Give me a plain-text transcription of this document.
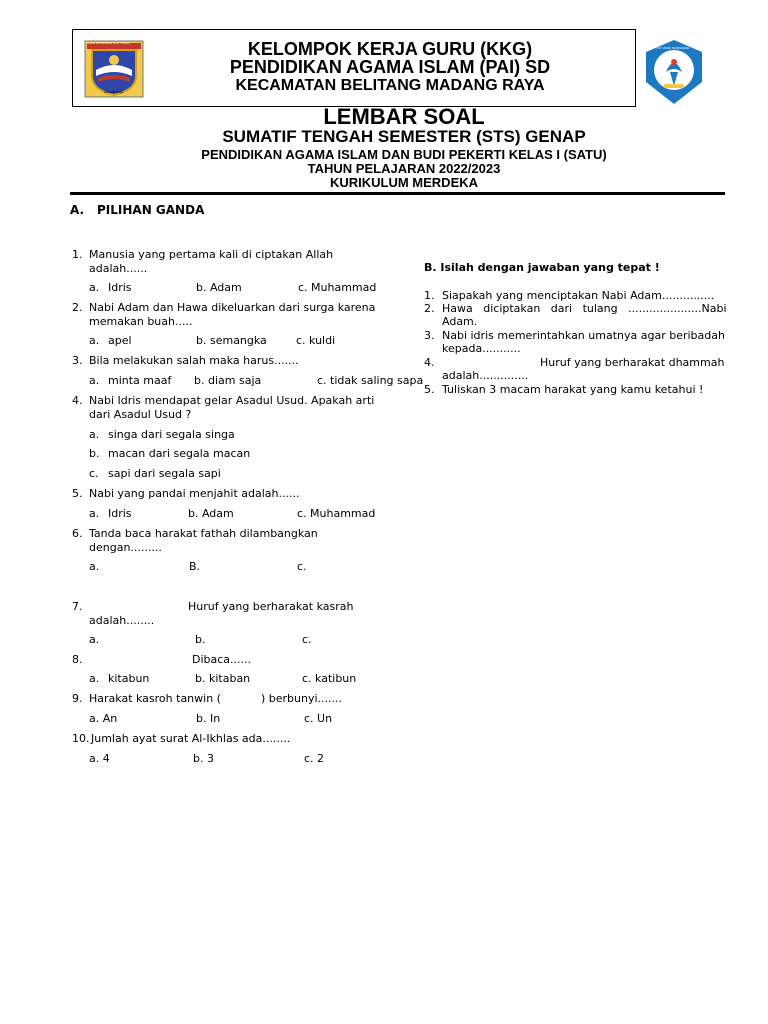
OGAN KOMERING ULU TIMUR
ORGAN BAJA
TUT WURI HANDAYANI
KELOMPOK KERJA GURU (KKG)
PENDIDIKAN AGAMA ISLAM (PAI) SD
KECAMATAN BELITANG MADANG RAYA
LEMBAR SOAL
SUMATIF TENGAH SEMESTER (STS) GENAP
PENDIDIKAN AGAMA ISLAM DAN BUDI PEKERTI KELAS I (SATU)
TAHUN PELAJARAN 2022/2023
KURIKULUM MERDEKA
A. PILIHAN GANDA
1. Manusia yang pertama kali di ciptakan Allah
adalah......
a. Idris	b. Adam	c. Muhammad
2. Nabi Adam dan Hawa dikeluarkan dari surga karena
memakan buah.....
a. apel	b. semangka	c. kuldi
3. Bila melakukan salah maka harus.......
a. minta maaf b. diam saja	c. tidak saling sapa
4. Nabi Idris mendapat gelar Asadul Usud. Apakah arti
dari Asadul Usud ?
a. singa dari segala singa
b. macan dari segala macan
c. sapi dari segala sapi
5. Nabi yang pandai menjahit adalah......
a. Idris	b. Adam	c. Muhammad
6. Tanda baca harakat fathah dilambangkan
dengan.........
a.	B.	c.
7.	Huruf yang berharakat kasrah
adalah........
a.	b.	c.
8.	Dibaca......
a. kitabun	b. kitaban	c. katibun
9. Harakat kasroh tanwin (	) berbunyi.......
a. An	b. In	c. Un
10. Jumlah ayat surat Al-Ikhlas ada........
a. 4	b. 3	c. 2
B. Isilah dengan jawaban yang tepat !
1. Siapakah yang menciptakan Nabi Adam...............
2. Hawa   diciptakan   dari   tulang   .....................Nabi
Adam.
3. Nabi idris memerintahkan umatnya agar beribadah
kepada...........
4.	Huruf yang berharakat dhammah
adalah..............
5. Tuliskan 3 macam harakat yang kamu ketahui !
